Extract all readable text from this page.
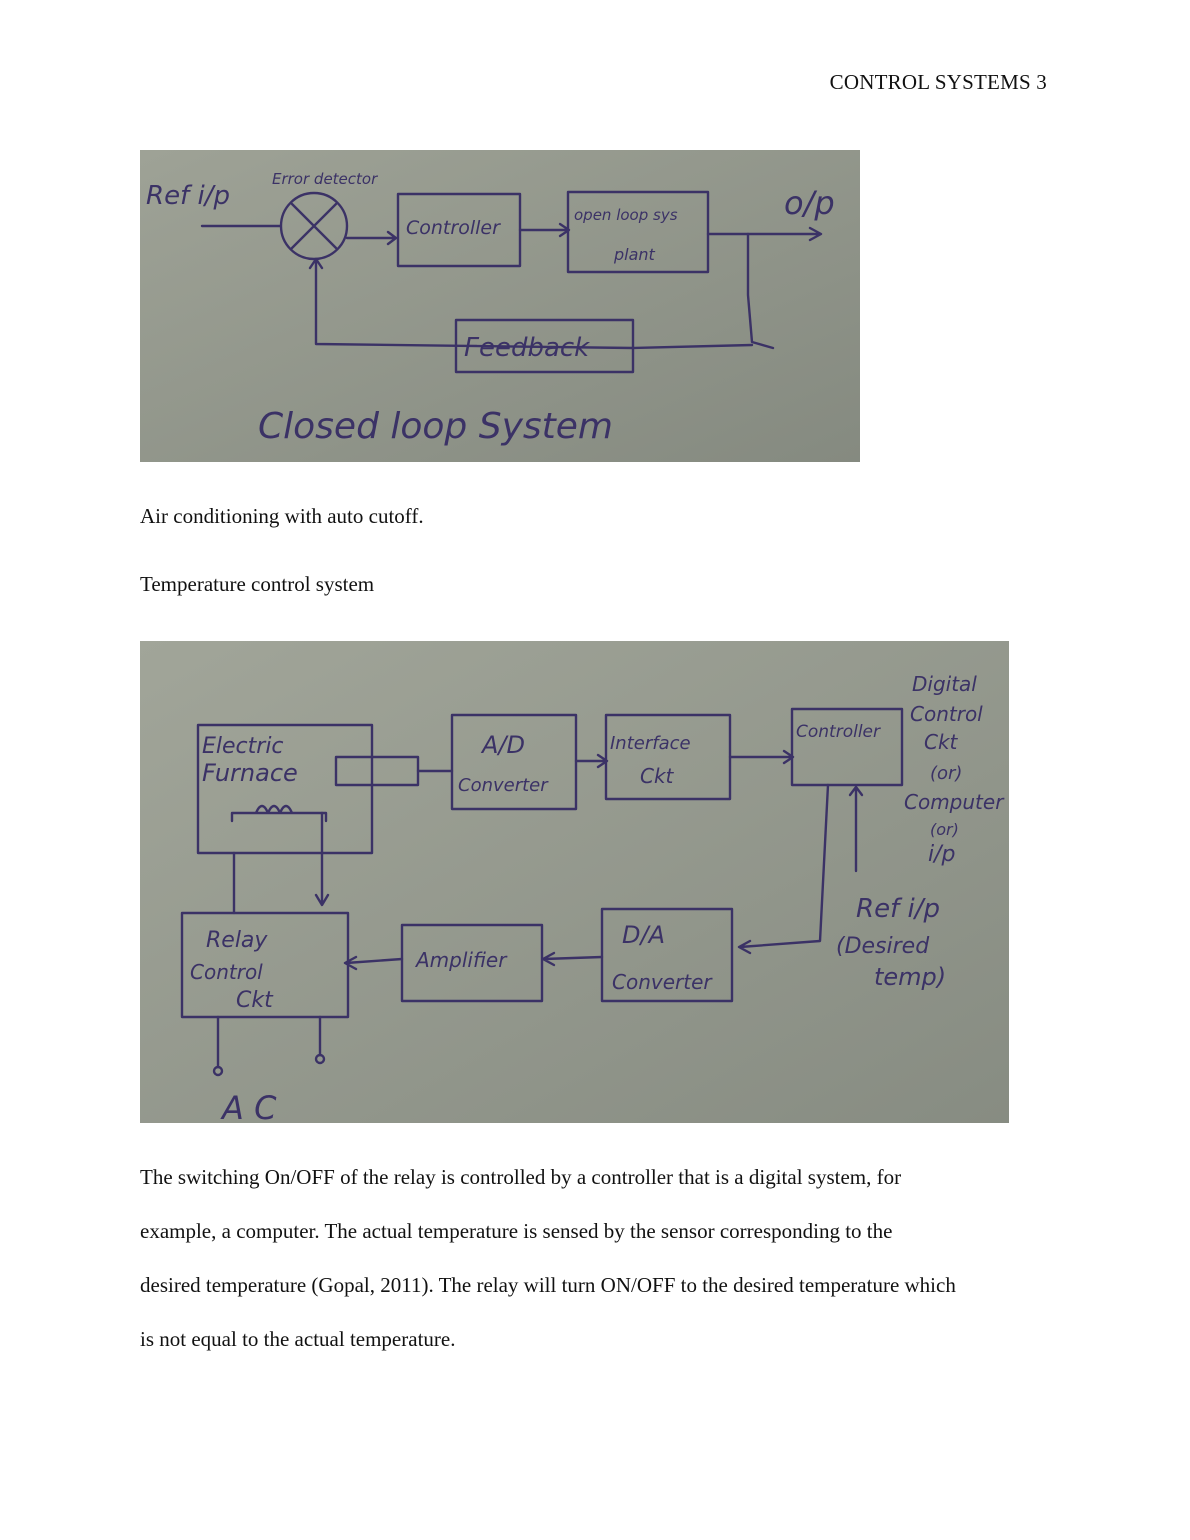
CONTROL SYSTEMS 3
Ref i/p
Error detector
Controller
open loop sys
plant
o/p
Feedback
Closed loop System
Air conditioning with auto cutoff.
Temperature control system
Electric
Furnace
A/D
Converter
Interface
Ckt
Controller
Digital
Control
Ckt
(or)
Computer
(or)
i/p
Ref i/p
(Desired
temp)
Relay
Control
Ckt
Amplifier
D/A
Converter
A C
The switching On/OFF of the relay is controlled by a controller that is a digital system, for
example, a computer. The actual temperature is sensed by the sensor corresponding to the
desired temperature (Gopal, 2011). The relay will turn ON/OFF to the desired temperature which
is not equal to the actual temperature.
